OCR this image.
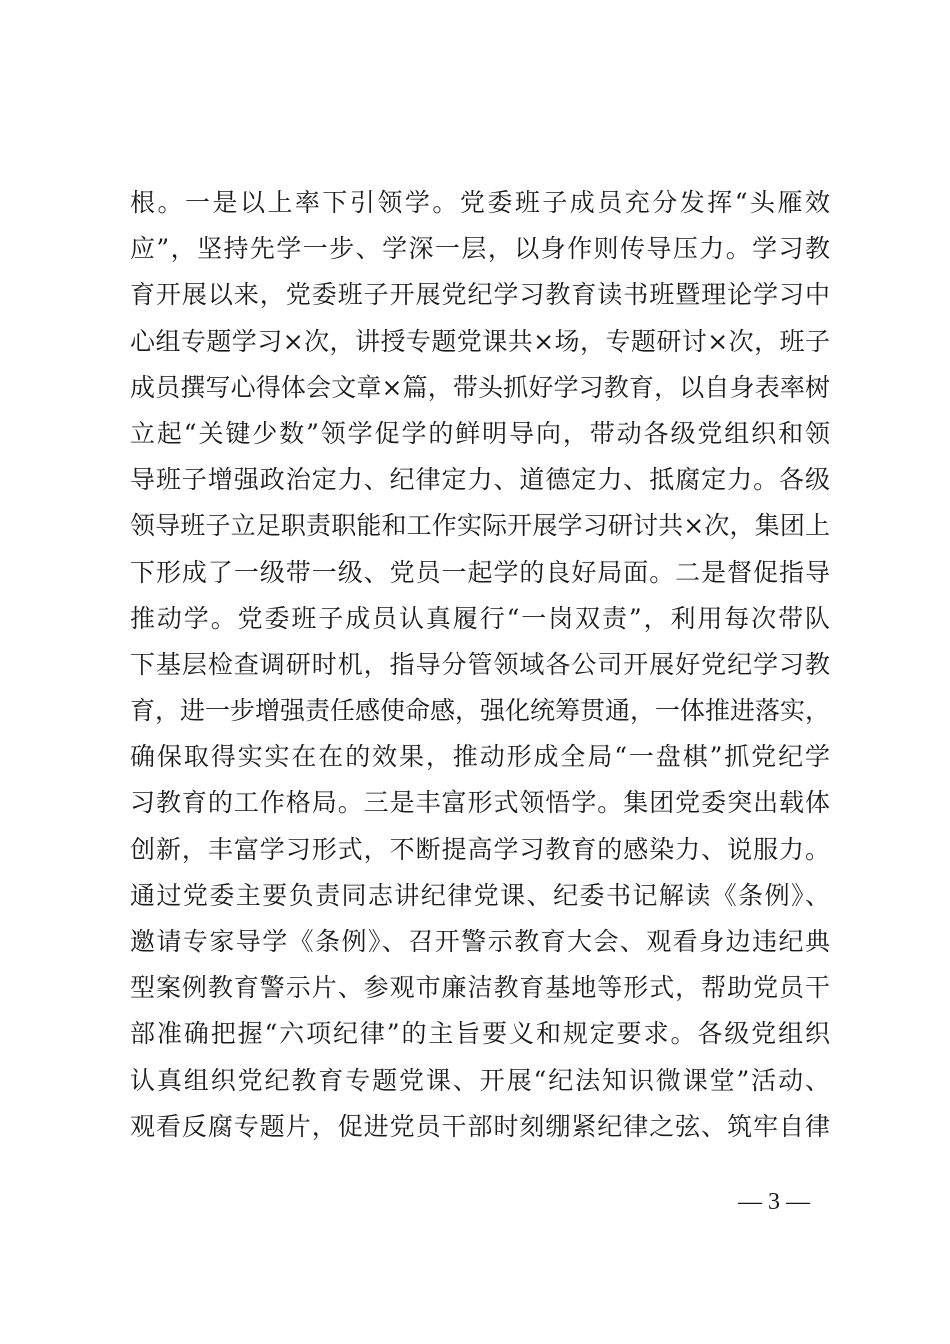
根。一是以上率下引领学。党委班子成员充分发挥“头雁效
应”，坚持先学一步、学深一层，以身作则传导压力。学习教
育开展以来，党委班子开展党纪学习教育读书班暨理论学习中
心组专题学习×次，讲授专题党课共×场，专题研讨×次，班子
成员撰写心得体会文章×篇，带头抓好学习教育，以自身表率树
立起“关键少数”领学促学的鲜明导向，带动各级党组织和领
导班子增强政治定力、纪律定力、道德定力、抵腐定力。各级
领导班子立足职责职能和工作实际开展学习研讨共×次，集团上
下形成了一级带一级、党员一起学的良好局面。二是督促指导
推动学。党委班子成员认真履行“一岗双责”，利用每次带队
下基层检查调研时机，指导分管领域各公司开展好党纪学习教
育，进一步增强责任感使命感，强化统筹贯通，一体推进落实，
确保取得实实在在的效果，推动形成全局“一盘棋”抓党纪学
习教育的工作格局。三是丰富形式领悟学。集团党委突出载体
创新，丰富学习形式，不断提高学习教育的感染力、说服力。
通过党委主要负责同志讲纪律党课、纪委书记解读《条例》、
邀请专家导学《条例》、召开警示教育大会、观看身边违纪典
型案例教育警示片、参观市廉洁教育基地等形式，帮助党员干
部准确把握“六项纪律”的主旨要义和规定要求。各级党组织
认真组织党纪教育专题党课、开展“纪法知识微课堂”活动、
观看反腐专题片，促进党员干部时刻绷紧纪律之弦、筑牢自律
— 3 —
